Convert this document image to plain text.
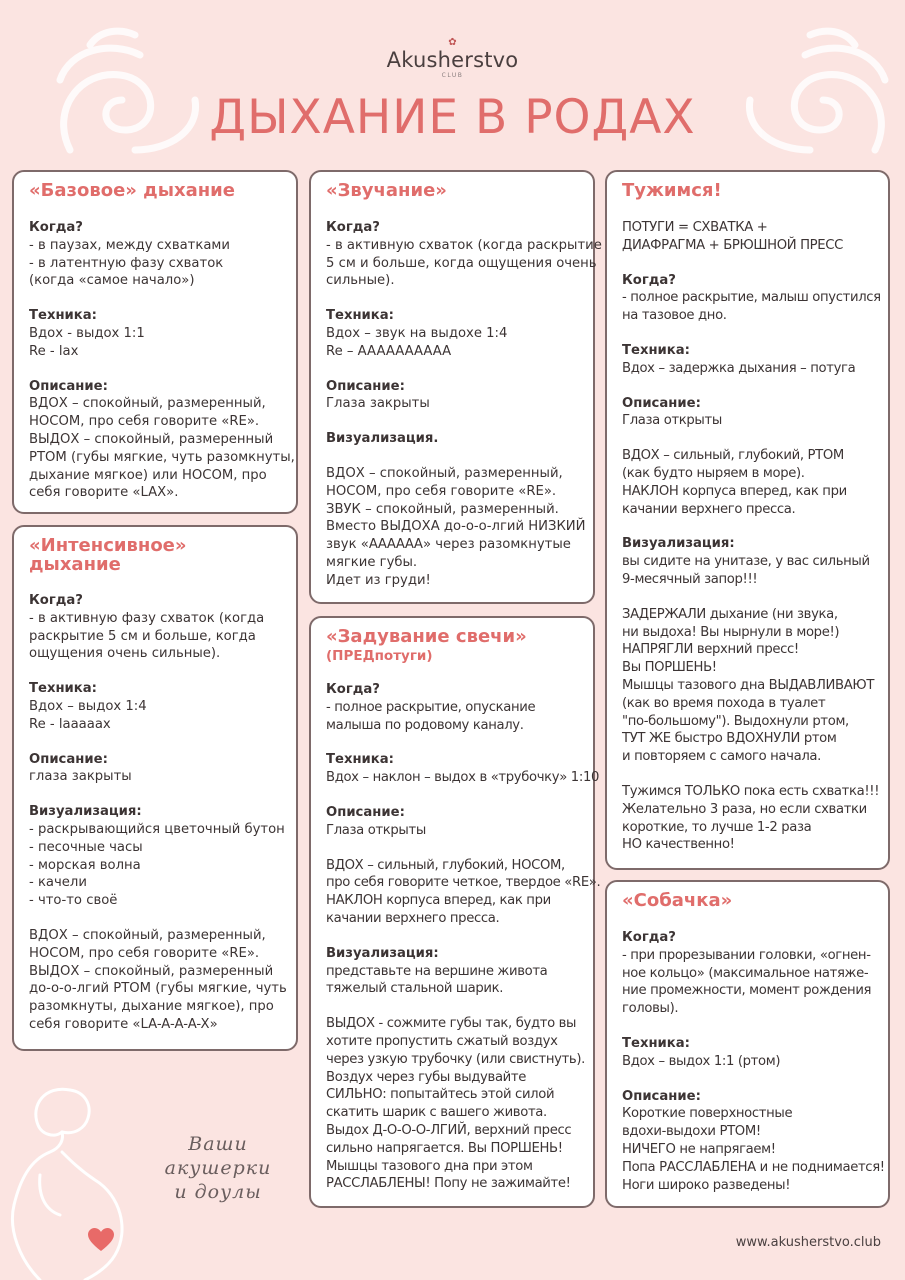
✿
Akusherstvo
CLUB
ДЫХАНИЕ В РОДАХ
«Базовое» дыхание
Когда?
- в паузах, между схватками
- в латентную фазу схваток
(когда «самое начало»)
Техника:
Вдох - выдох 1:1
Re - lax
Описание:
ВДОХ – спокойный, размеренный,
НОСОМ, про себя говорите «RE».
ВЫДОХ – спокойный, размеренный
РТОМ (губы мягкие, чуть разомкнуты,
дыхание мягкое) или НОСОМ, про
себя говорите «LAX».
«Интенсивное»
дыхание
Когда?
- в активную фазу схваток (когда
раскрытие 5 см и больше, когда
ощущения очень сильные).
Техника:
Вдох – выдох 1:4
Re - laaaaax
Описание:
глаза закрыты
Визуализация:
- раскрывающийся цветочный бутон
- песочные часы
- морская волна
- качели
- что-то своё
ВДОХ – спокойный, размеренный,
НОСОМ, про себя говорите «RE».
ВЫДОХ – спокойный, размеренный
до-о-о-лгий РТОМ (губы мягкие, чуть
разомкнуты, дыхание мягкое), про
себя говорите «LA-A-A-A-X»
«Звучание»
Когда?
- в активную схваток (когда раскрытие
5 см и больше, когда ощущения очень
сильные).
Техника:
Вдох – звук на выдохе 1:4
Re – AAAAAAAAAA
Описание:
Глаза закрыты
Визуализация.
ВДОХ – спокойный, размеренный,
НОСОМ, про себя говорите «RE».
ЗВУК – спокойный, размеренный.
Вместо ВЫДОХА до-о-о-лгий НИЗКИЙ
звук «АААААА» через разомкнутые
мягкие губы.
Идет из груди!
«Задувание свечи»
(ПРЕДпотуги)
Когда?
- полное раскрытие, опускание
малыша по родовому каналу.
Техника:
Вдох – наклон – выдох в «трубочку» 1:10
Описание:
Глаза открыты
ВДОХ – сильный, глубокий, НОСОМ,
про себя говорите четкое, твердое «RE».
НАКЛОН корпуса вперед, как при
качании верхнего пресса.
Визуализация:
представьте на вершине живота
тяжелый стальной шарик.
ВЫДОХ - сожмите губы так, будто вы
хотите пропустить сжатый воздух
через узкую трубочку (или свистнуть).
Воздух через губы выдувайте
СИЛЬНО: попытайтесь этой силой
скатить шарик с вашего живота.
Выдох Д-О-О-О-ЛГИЙ, верхний пресс
сильно напрягается. Вы ПОРШЕНЬ!
Мышцы тазового дна при этом
РАССЛАБЛЕНЫ! Попу не зажимайте!
Тужимся!
ПОТУГИ = СХВАТКА +
ДИАФРАГМА + БРЮШНОЙ ПРЕСС
Когда?
- полное раскрытие, малыш опустился
на тазовое дно.
Техника:
Вдох – задержка дыхания – потуга
Описание:
Глаза открыты
ВДОХ – сильный, глубокий, РТОМ
(как будто ныряем в море).
НАКЛОН корпуса вперед, как при
качании верхнего пресса.
Визуализация:
вы сидите на унитазе, у вас сильный
9-месячный запор!!!
ЗАДЕРЖАЛИ дыхание (ни звука,
ни выдоха! Вы нырнули в море!)
НАПРЯГЛИ верхний пресс!
Вы ПОРШЕНЬ!
Мышцы тазового дна ВЫДАВЛИВАЮТ
(как во время похода в туалет
"по-большому"). Выдохнули ртом,
ТУТ ЖЕ быстро ВДОХНУЛИ ртом
и повторяем с самого начала.
Тужимся ТОЛЬКО пока есть схватка!!!
Желательно 3 раза, но если схватки
короткие, то лучше 1-2 раза
НО качественно!
«Собачка»
Когда?
- при прорезывании головки, «огнен-
ное кольцо» (максимальное натяже-
ние промежности, момент рождения
головы).
Техника:
Вдох – выдох 1:1 (ртом)
Описание:
Короткие поверхностные
вдохи-выдохи РТОМ!
НИЧЕГО не напрягаем!
Попа РАССЛАБЛЕНА и не поднимается!
Ноги широко разведены!
Ваши
акушерки
и доулы
www.akusherstvo.club
